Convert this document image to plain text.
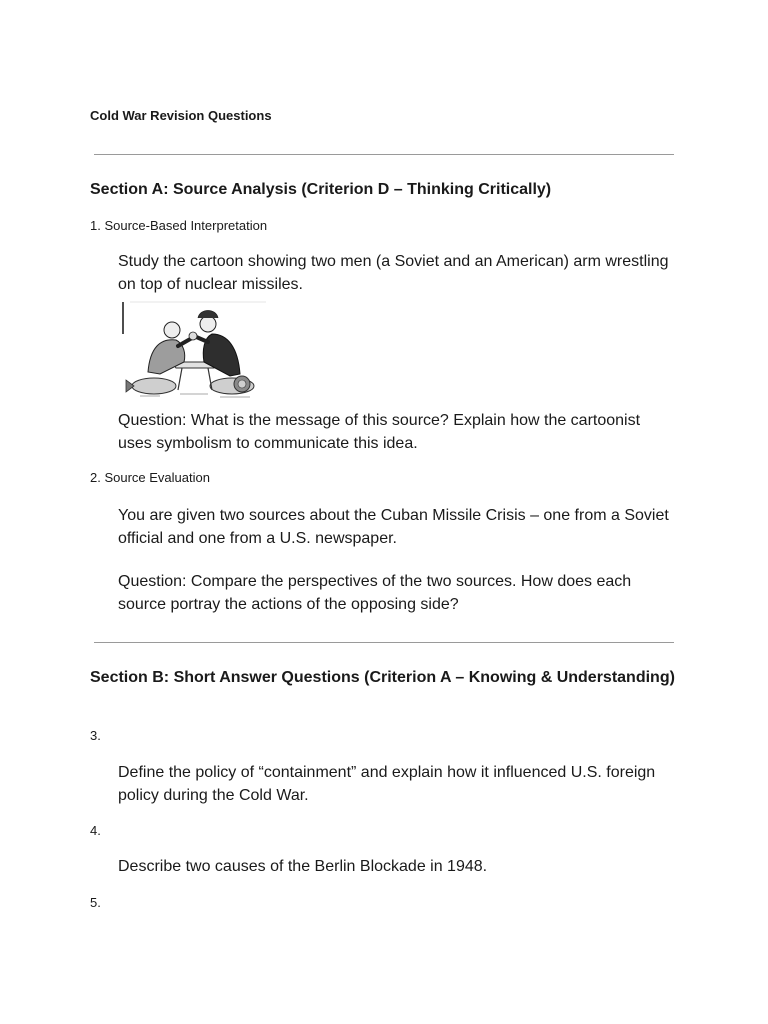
Cold War Revision Questions
Section A: Source Analysis (Criterion D – Thinking Critically)
1. Source-Based Interpretation
Study the cartoon showing two men (a Soviet and an American) arm wrestling on top of nuclear missiles.
Question: What is the message of this source? Explain how the cartoonist uses symbolism to communicate this idea.
2. Source Evaluation
You are given two sources about the Cuban Missile Crisis – one from a Soviet official and one from a U.S. newspaper.
Question: Compare the perspectives of the two sources. How does each source portray the actions of the opposing side?
Section B: Short Answer Questions (Criterion A – Knowing & Understanding)
3.
Define the policy of “containment” and explain how it influenced U.S. foreign policy during the Cold War.
4.
Describe two causes of the Berlin Blockade in 1948.
5.
